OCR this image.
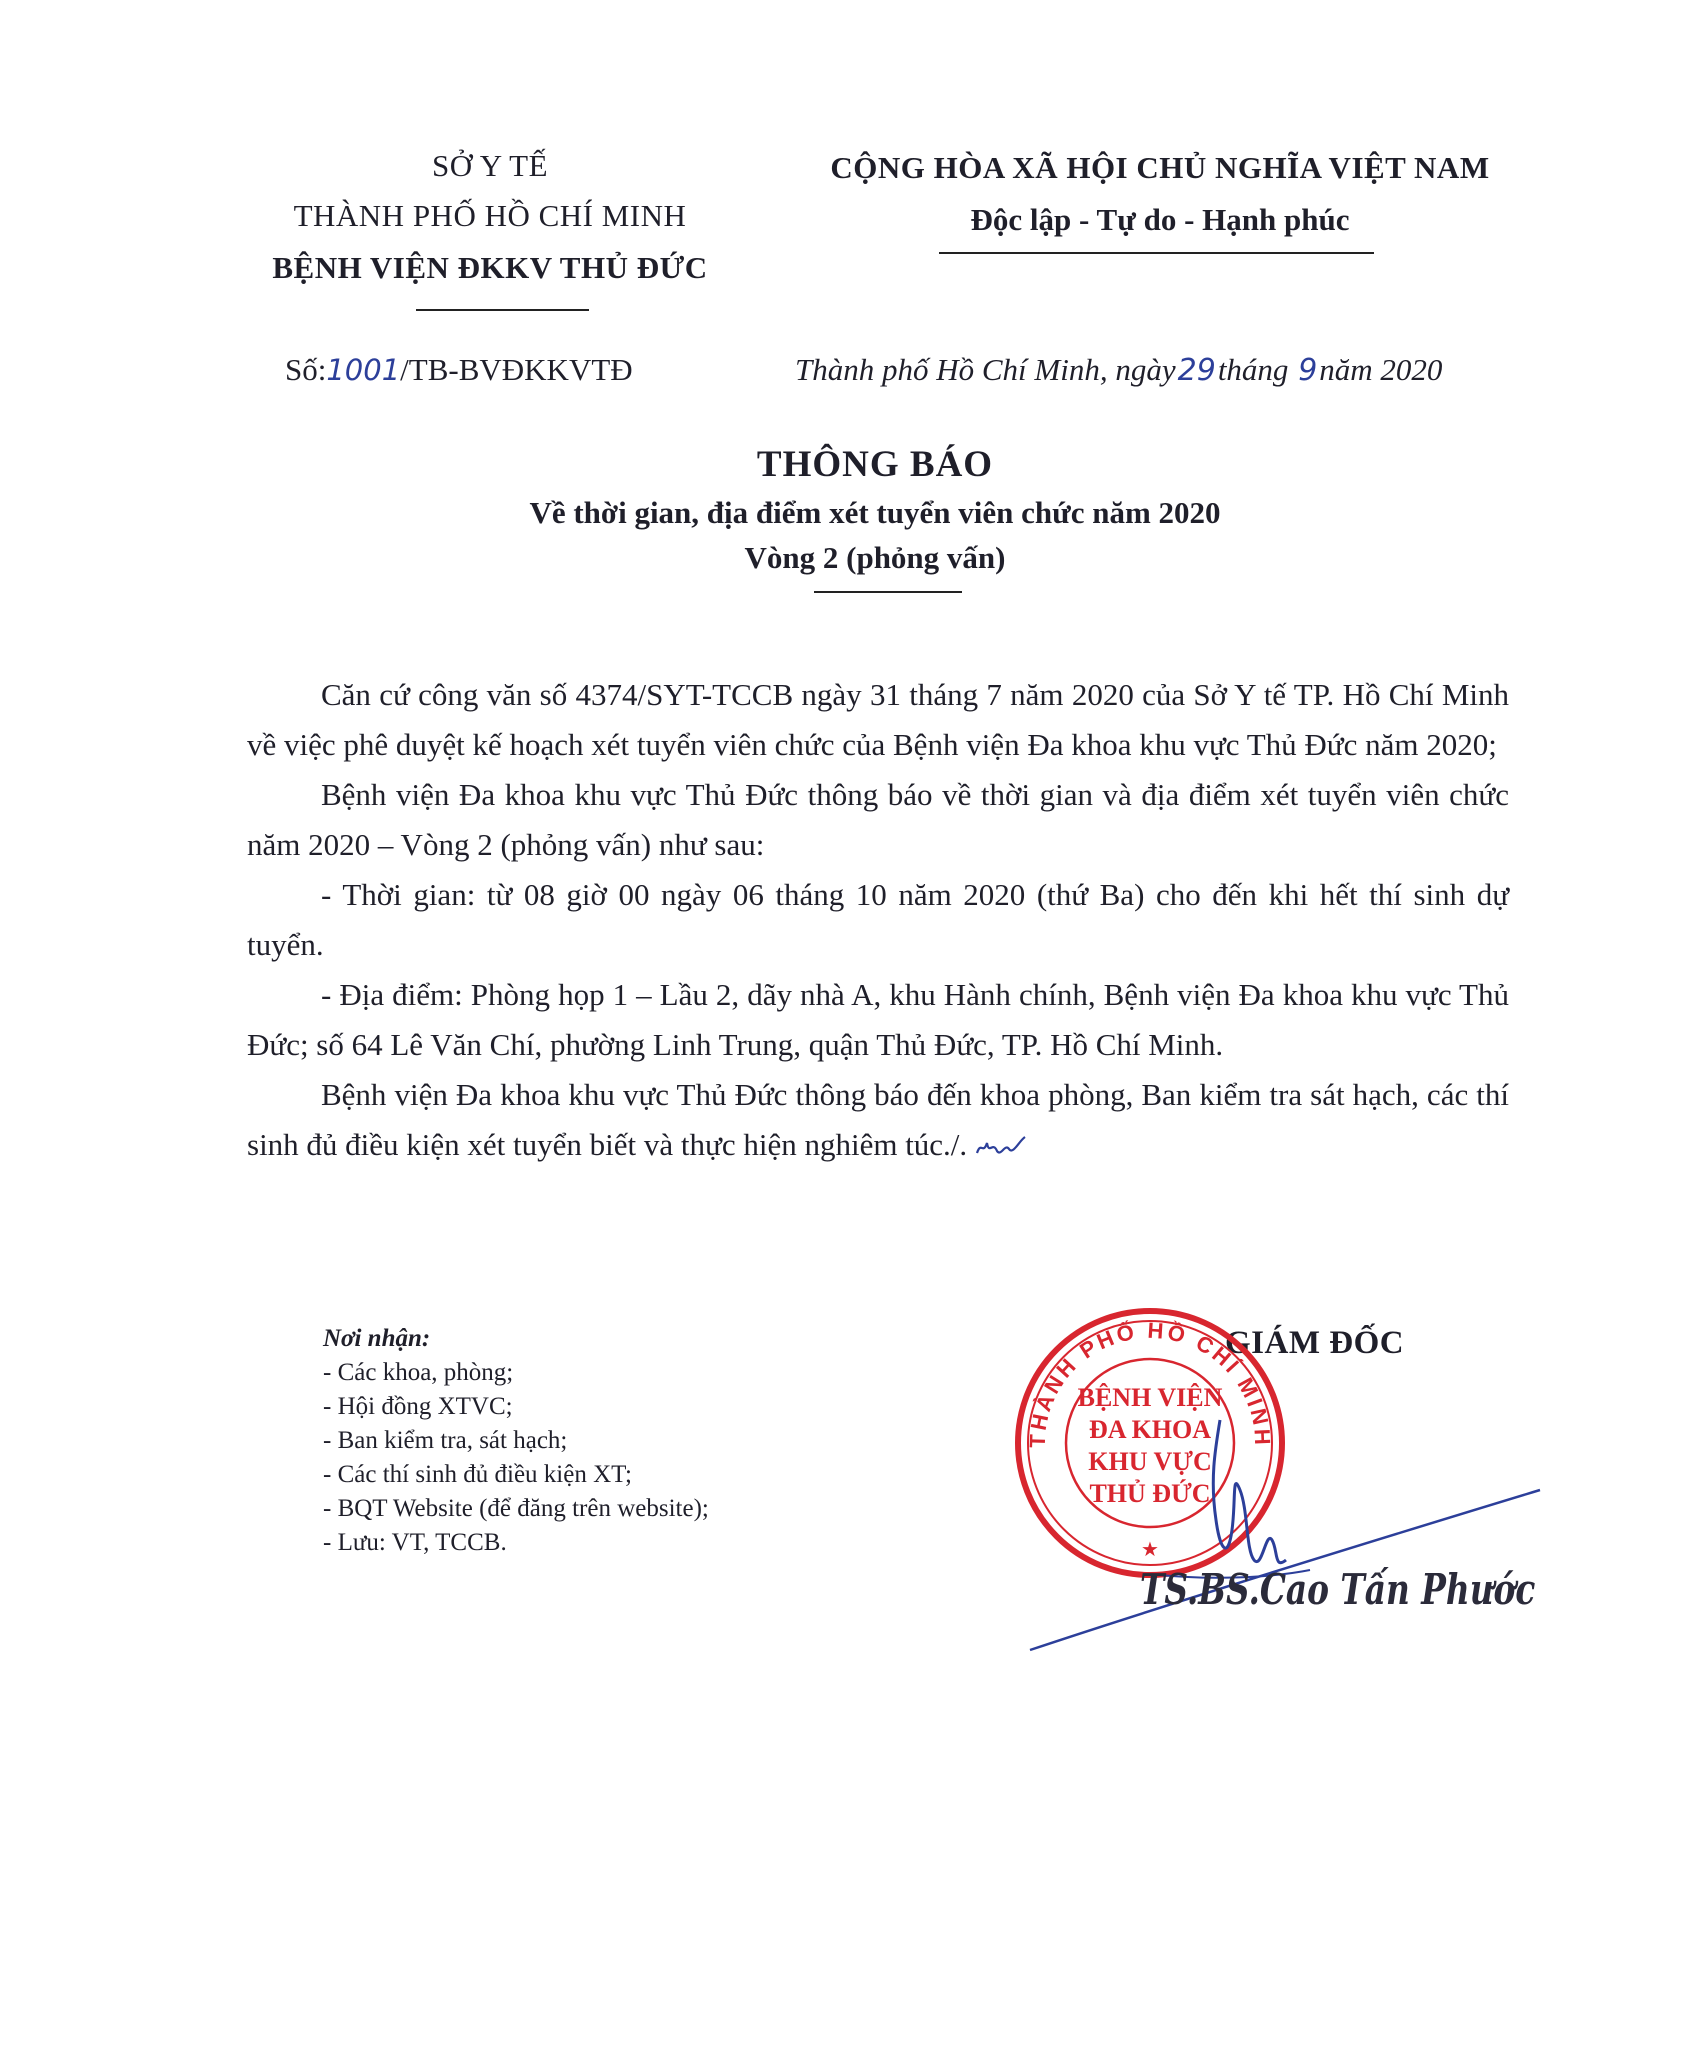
SỞ Y TẾ
THÀNH PHỐ HỒ CHÍ MINH
BỆNH VIỆN ĐKKV THỦ ĐỨC
CỘNG HÒA XÃ HỘI CHỦ NGHĨA VIỆT NAM
Độc lập - Tự do - Hạnh phúc
Số:1001/TB-BVĐKKVTĐ	Thành phố Hồ Chí Minh, ngày29tháng 9năm 2020
THÔNG BÁO
Về thời gian, địa điểm xét tuyển viên chức năm 2020
Vòng 2 (phỏng vấn)

Căn cứ công văn số 4374/SYT-TCCB ngày 31 tháng 7 năm 2020 của Sở Y tế TP. Hồ Chí Minh về việc phê duyệt kế hoạch xét tuyển viên chức của Bệnh viện Đa khoa khu vực Thủ Đức năm 2020;

Bệnh viện Đa khoa khu vực Thủ Đức thông báo về thời gian và địa điểm xét tuyển viên chức năm 2020 – Vòng 2 (phỏng vấn) như sau:

- Thời gian: từ 08 giờ 00 ngày 06 tháng 10 năm 2020 (thứ Ba) cho đến khi hết thí sinh dự tuyển.

- Địa điểm: Phòng họp 1 – Lầu 2, dãy nhà A, khu Hành chính, Bệnh viện Đa khoa khu vực Thủ Đức; số 64 Lê Văn Chí, phường Linh Trung, quận Thủ Đức, TP. Hồ Chí Minh.

Bệnh viện Đa khoa khu vực Thủ Đức thông báo đến khoa phòng, Ban kiểm tra sát hạch, các thí sinh đủ điều kiện xét tuyển biết và thực hiện nghiêm túc./.

Nơi nhận:
- Các khoa, phòng;
- Hội đồng XTVC;
- Ban kiểm tra, sát hạch;
- Các thí sinh đủ điều kiện XT;
- BQT Website (để đăng trên website);
- Lưu: VT, TCCB.
GIÁM ĐỐC
THÀNH PHỐ HỒ CHÍ MINH
BỆNH VIỆN
ĐA KHOA
KHU VỰC
THỦ ĐỨC
★
TS.BS.Cao Tấn Phước
